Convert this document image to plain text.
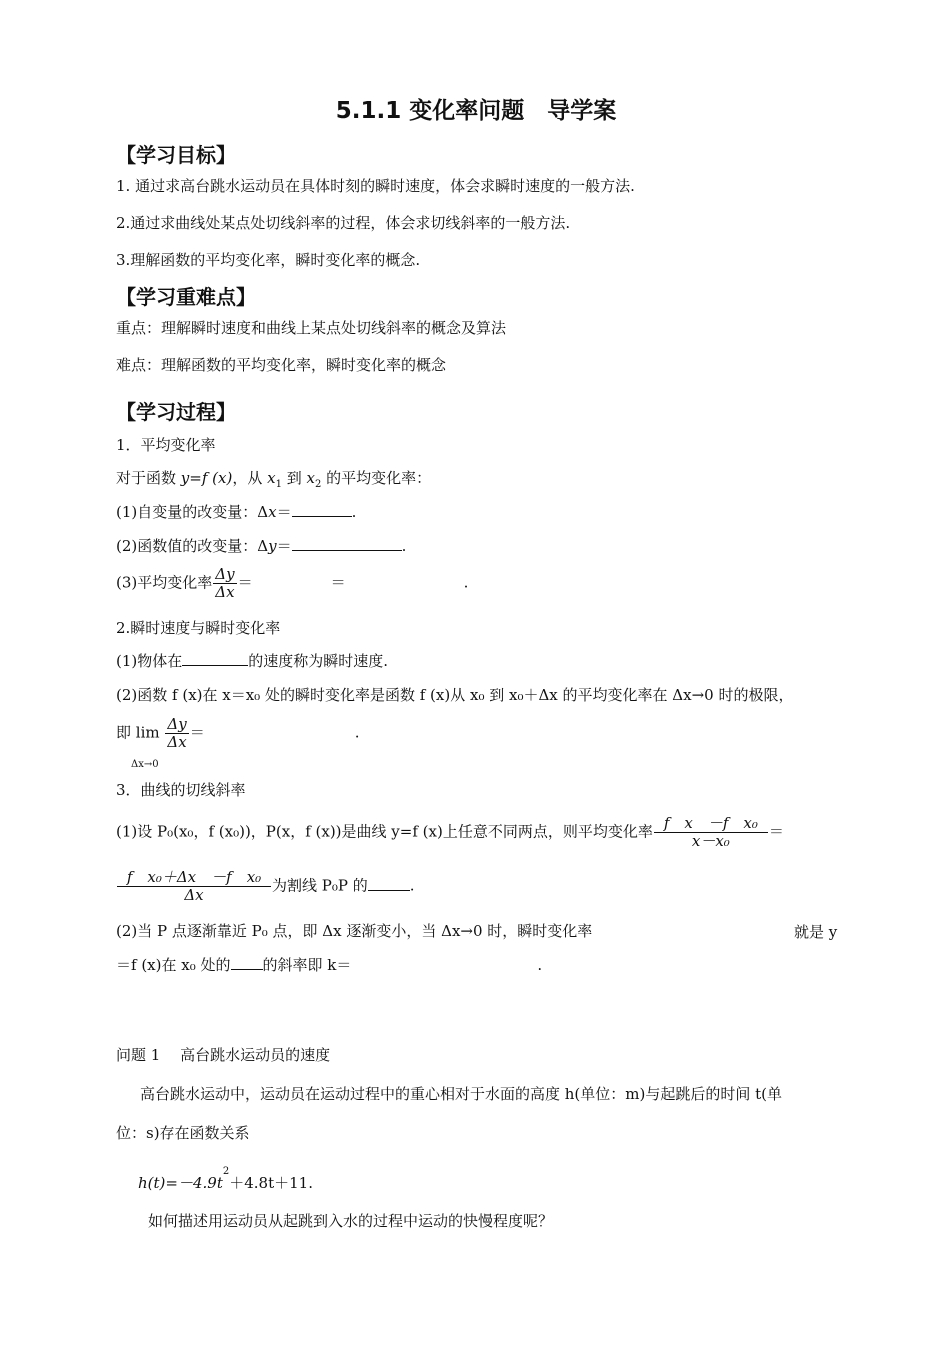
5.1.1 变化率问题　导学案
【学习目标】
1. 通过求高台跳水运动员在具体时刻的瞬时速度，体会求瞬时速度的一般方法.
2.通过求曲线处某点处切线斜率的过程，体会求切线斜率的一般方法.
3.理解函数的平均变化率，瞬时变化率的概念.
【学习重难点】
重点：理解瞬时速度和曲线上某点处切线斜率的概念及算法
难点：理解函数的平均变化率，瞬时变化率的概念
【学习过程】
1．平均变化率
对于函数 y=f (x)，从 $x_1$ 到 $x_2$ 的平均变化率：
(1)自变量的改变量：Δx＝	.
(2)函数值的改变量：Δy＝	.
(3)平均变化率 $\frac{\Delta y}{\Delta x}$ ＝	＝	.
2.瞬时速度与瞬时变化率
(1)物体在	的速度称为瞬时速度.
(2)函数 f (x)在 x＝x₀ 处的瞬时变化率是函数 f (x)从 x₀ 到 x₀＋Δx 的平均变化率在 Δx→0 时的极限，
即 $\lim \frac{\Delta y}{\Delta x}$ ＝	.
Δx→0
3．曲线的切线斜率
(1)设 P₀(x₀，f (x₀))，P(x，f (x))是曲线 y=f (x)上任意不同两点，则平均变化率 $\frac{\text{f　x　－f　x₀}}{\text{x－x₀}}$ ＝
$\frac{\text{f　x₀＋Δx　－f　x₀}}{\Delta x}$ 为割线 P₀P 的	.
(2)当 P 点逐渐靠近 P₀ 点，即 Δx 逐渐变小，当 Δx→0 时，瞬时变化率	就是 y
＝f (x)在 x₀ 处的 的斜率即 k＝	.
问题 1　 高台跳水运动员的速度
高台跳水运动中，运动员在运动过程中的重心相对于水面的高度 h(单位：m)与起跳后的时间 t(单
位：s)存在函数关系
$h(t)=-4.9t^2+4.8t+11$.
如何描述用运动员从起跳到入水的过程中运动的快慢程度呢？
